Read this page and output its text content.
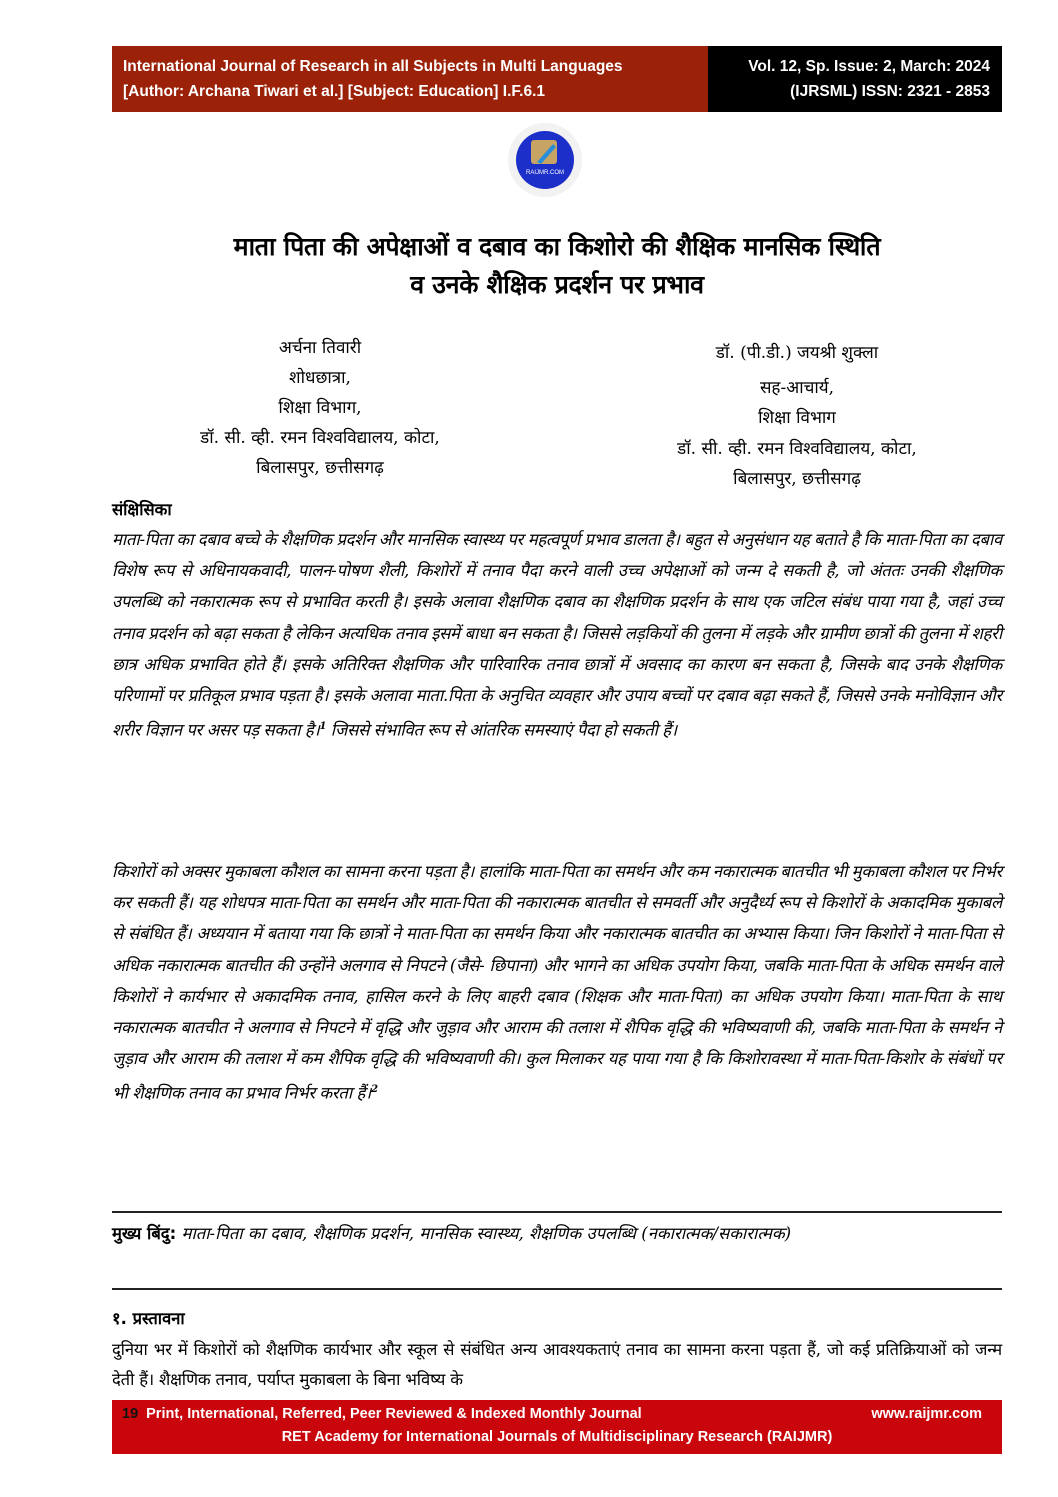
International Journal of Research in all Subjects in Multi Languages
[Author: Archana Tiwari et al.] [Subject: Education] I.F.6.1
Vol. 12, Sp. Issue: 2, March: 2024
(IJRSML) ISSN: 2321 - 2853
RAIJMR.COM
माता पिता की अपेक्षाओं व दबाव का किशोरो की शैक्षिक मानसिक स्थिति
व उनके शैक्षिक प्रदर्शन पर प्रभाव
अर्चना तिवारी
शोधछात्रा,
शिक्षा विभाग,
डॉ. सी. व्ही. रमन विश्वविद्यालय, कोटा,
बिलासपुर, छत्तीसगढ़
डॉ. (पी.डी.) जयश्री शुक्ला
सह-आचार्य,
शिक्षा विभाग
डॉ. सी. व्ही. रमन विश्वविद्यालय, कोटा,
बिलासपुर, छत्तीसगढ़
संक्षिसिका
माता-पिता का दबाव बच्चे के शैक्षणिक प्रदर्शन और मानसिक स्वास्थ्य पर महत्वपूर्ण प्रभाव डालता है। बहुत से अनुसंधान यह बताते है कि माता-पिता का दबाव विशेष रूप से अधिनायकवादी, पालन-पोषण शैली, किशोरों में तनाव पैदा करने वाली उच्च अपेक्षाओं को जन्म दे सकती है, जो अंततः उनकी शैक्षणिक उपलब्धि को नकारात्मक रूप से प्रभावित करती है। इसके अलावा शैक्षणिक दबाव का शैक्षणिक प्रदर्शन के साथ एक जटिल संबंध पाया गया है, जहां उच्च तनाव प्रदर्शन को बढ़ा सकता है लेकिन अत्यधिक तनाव इसमें बाधा बन सकता है। जिससे लड़कियों की तुलना में लड़के और ग्रामीण छात्रों की तुलना में शहरी छात्र अधिक प्रभावित होते हैं। इसके अतिरिक्त शैक्षणिक और पारिवारिक तनाव छात्रों में अवसाद का कारण बन सकता है, जिसके बाद उनके शैक्षणिक परिणामों पर प्रतिकूल प्रभाव पड़ता है। इसके अलावा माता.पिता के अनुचित व्यवहार और उपाय बच्चों पर दबाव बढ़ा सकते हैं, जिससे उनके मनोविज्ञान और शरीर विज्ञान पर असर पड़ सकता है।$^1$ जिससे संभावित रूप से आंतरिक समस्याएं पैदा हो सकती हैं।
किशोरों को अक्सर मुकाबला कौशल का सामना करना पड़ता है। हालांकि माता-पिता का समर्थन और कम नकारात्मक बातचीत भी मुकाबला कौशल पर निर्भर कर सकती हैं। यह शोधपत्र माता-पिता का समर्थन और माता-पिता की नकारात्मक बातचीत से समवर्ती और अनुदैर्ध्य रूप से किशोरों के अकादमिक मुकाबले से संबंधित हैं। अध्ययान में बताया गया कि छात्रों ने माता-पिता का समर्थन किया और नकारात्मक बातचीत का अभ्यास किया। जिन किशोरों ने माता-पिता से अधिक नकारात्मक बातचीत की उन्होंने अलगाव से निपटने (जैसे- छिपाना) और भागने का अधिक उपयोग किया, जबकि माता-पिता के अधिक समर्थन वाले किशोरों ने कार्यभार से अकादमिक तनाव, हासिल करने के लिए बाहरी दबाव (शिक्षक और माता-पिता) का अधिक उपयोग किया। माता-पिता के साथ नकारात्मक बातचीत ने अलगाव से निपटने में वृद्धि और जुड़ाव और आराम की तलाश में शैपिक वृद्धि की भविष्यवाणी की, जबकि माता-पिता के समर्थन ने जुड़ाव और आराम की तलाश में कम शैपिक वृद्धि की भविष्यवाणी की। कुल मिलाकर यह पाया गया है कि किशोरावस्था में माता-पिता-किशोर के संबंधों पर भी शैक्षणिक तनाव का प्रभाव निर्भर करता हैं।$^2$
मुख्य बिंदु: माता-पिता का दबाव, शैक्षणिक प्रदर्शन, मानसिक स्वास्थ्य, शैक्षणिक उपलब्धि (नकारात्मक/सकारात्मक)
१. प्रस्तावना
दुनिया भर में किशोरों को शैक्षणिक कार्यभार और स्कूल से संबंधित अन्य आवश्यकताएं तनाव का सामना करना पड़ता हैं, जो कई प्रतिक्रियाओं को जन्म देती हैं। शैक्षणिक तनाव, पर्याप्त मुकाबला के बिना भविष्य के
19 Print, International, Referred, Peer Reviewed & Indexed Monthly Journal	www.raijmr.com
RET Academy for International Journals of Multidisciplinary Research (RAIJMR)
